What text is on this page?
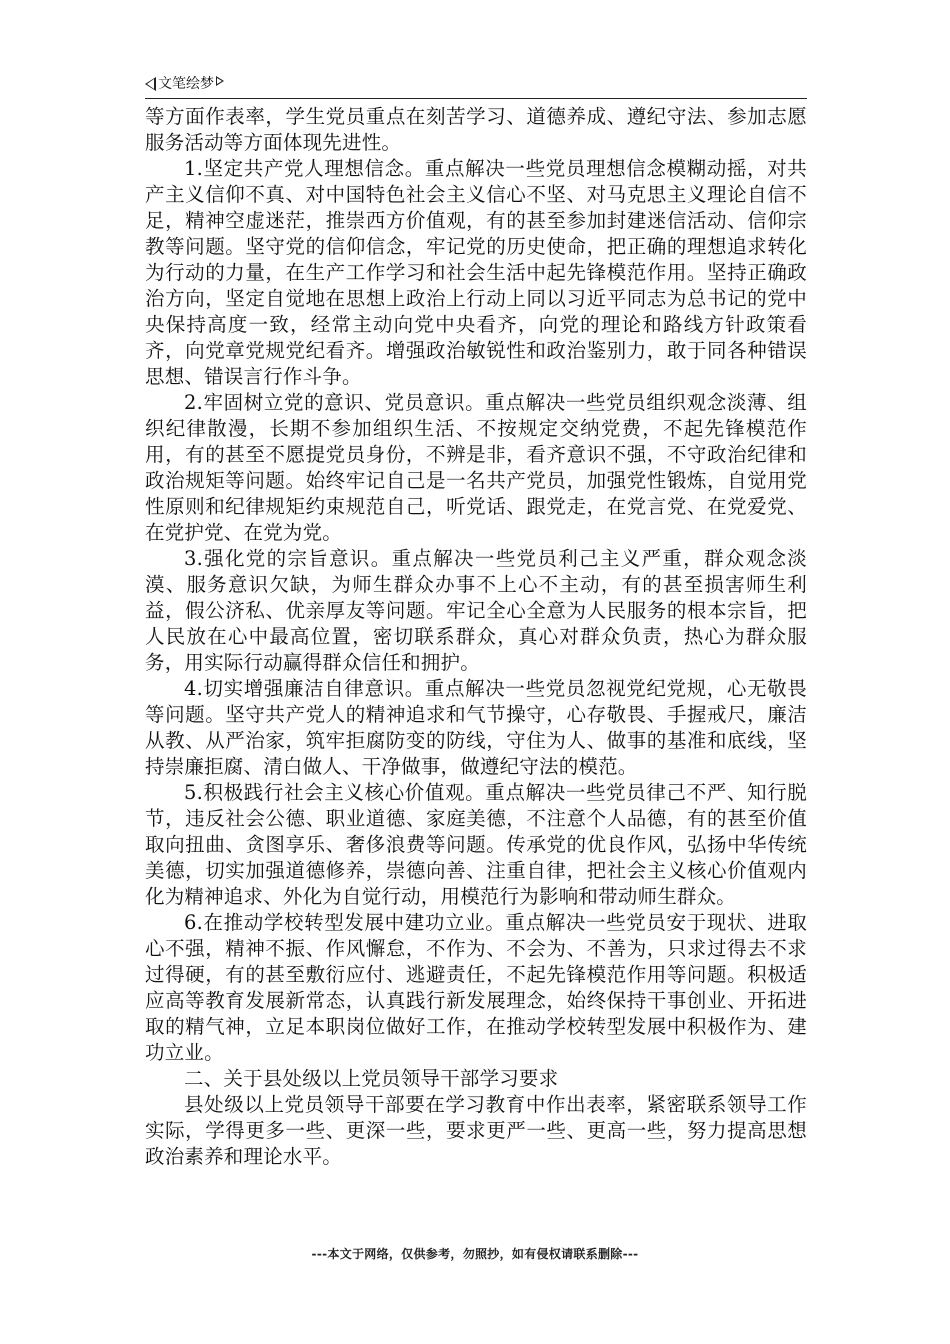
文笔绘梦

等方面作表率，学生党员重点在刻苦学习、道德养成、遵纪守法、参加志愿服务活动等方面体现先进性。

1.坚定共产党人理想信念。重点解决一些党员理想信念模糊动摇，对共产主义信仰不真、对中国特色社会主义信心不坚、对马克思主义理论自信不足，精神空虚迷茫，推崇西方价值观，有的甚至参加封建迷信活动、信仰宗教等问题。坚守党的信仰信念，牢记党的历史使命，把正确的理想追求转化为行动的力量，在生产工作学习和社会生活中起先锋模范作用。坚持正确政治方向，坚定自觉地在思想上政治上行动上同以习近平同志为总书记的党中央保持高度一致，经常主动向党中央看齐，向党的理论和路线方针政策看齐，向党章党规党纪看齐。增强政治敏锐性和政治鉴别力，敢于同各种错误思想、错误言行作斗争。

2.牢固树立党的意识、党员意识。重点解决一些党员组织观念淡薄、组织纪律散漫，长期不参加组织生活、不按规定交纳党费，不起先锋模范作用，有的甚至不愿提党员身份，不辨是非，看齐意识不强，不守政治纪律和政治规矩等问题。始终牢记自己是一名共产党员，加强党性锻炼，自觉用党性原则和纪律规矩约束规范自己，听党话、跟党走，在党言党、在党爱党、在党护党、在党为党。

3.强化党的宗旨意识。重点解决一些党员利己主义严重，群众观念淡漠、服务意识欠缺，为师生群众办事不上心不主动，有的甚至损害师生利益，假公济私、优亲厚友等问题。牢记全心全意为人民服务的根本宗旨，把人民放在心中最高位置，密切联系群众，真心对群众负责，热心为群众服务，用实际行动赢得群众信任和拥护。

4.切实增强廉洁自律意识。重点解决一些党员忽视党纪党规，心无敬畏等问题。坚守共产党人的精神追求和气节操守，心存敬畏、手握戒尺，廉洁从教、从严治家，筑牢拒腐防变的防线，守住为人、做事的基准和底线，坚持崇廉拒腐、清白做人、干净做事，做遵纪守法的模范。

5.积极践行社会主义核心价值观。重点解决一些党员律己不严、知行脱节，违反社会公德、职业道德、家庭美德，不注意个人品德，有的甚至价值取向扭曲、贪图享乐、奢侈浪费等问题。传承党的优良作风，弘扬中华传统美德，切实加强道德修养，崇德向善、注重自律，把社会主义核心价值观内化为精神追求、外化为自觉行动，用模范行为影响和带动师生群众。

6.在推动学校转型发展中建功立业。重点解决一些党员安于现状、进取心不强，精神不振、作风懈怠，不作为、不会为、不善为，只求过得去不求过得硬，有的甚至敷衍应付、逃避责任，不起先锋模范作用等问题。积极适应高等教育发展新常态，认真践行新发展理念，始终保持干事创业、开拓进取的精气神，立足本职岗位做好工作，在推动学校转型发展中积极作为、建功立业。

二、关于县处级以上党员领导干部学习要求

县处级以上党员领导干部要在学习教育中作出表率，紧密联系领导工作实际，学得更多一些、更深一些，要求更严一些、更高一些，努力提高思想政治素养和理论水平。

---本文于网络，仅供参考，勿照抄，如有侵权请联系删除---
